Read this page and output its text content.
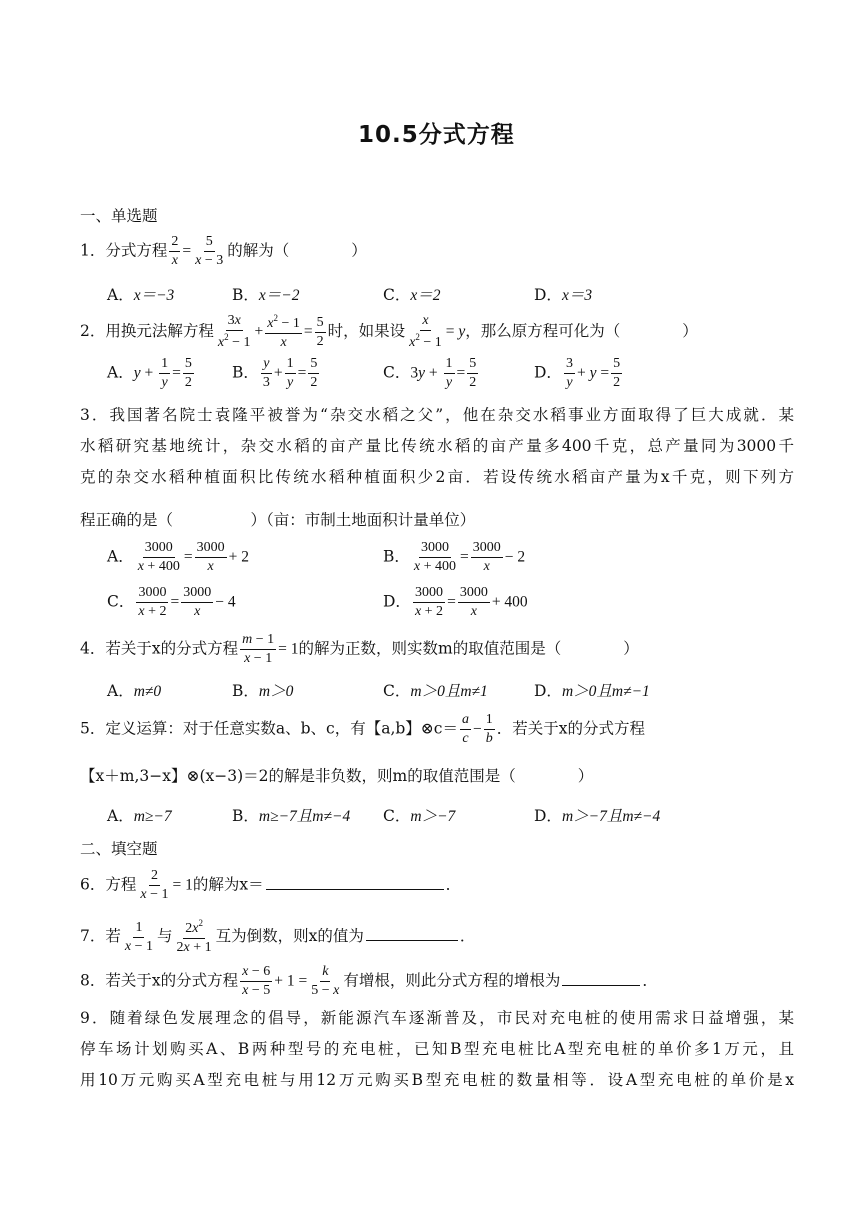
10.5分式方程
一、单选题
1．分式方程 $\frac{2}{x} = \frac{5}{x - 3}$ 的解为（　　　　）
A．x＝−3	B．x＝−2	C．x＝2	D．x＝3
2．用换元法解方程 $\frac{3x}{x^2 - 1} + \frac{x^2 - 1}{x} = \frac{5}{2}$ 时，如果设 $\frac{x}{x^2 - 1} = y$，那么原方程可化为（　　　　）
A．$y + \frac{1}{y} = \frac{5}{2}$ B． $\frac{y}{3} + \frac{1}{y} = \frac{5}{2}$	C．$3y + \frac{1}{y} = \frac{5}{2}$	D． $\frac{3}{y} + y = \frac{5}{2}$
3．我国著名院士袁隆平被誉为“杂交水稻之父”，他在杂交水稻事业方面取得了巨大成就．某
水稻研究基地统计，杂交水稻的亩产量比传统水稻的亩产量多400千克，总产量同为3000千
克的杂交水稻种植面积比传统水稻种植面积少2亩．若设传统水稻亩产量为x千克，则下列方
程正确的是（　　　　　）（亩：市制土地面积计量单位）
A． $\frac{3000}{x + 400} = \frac{3000}{x} + 2$	B． $\frac{3000}{x + 400} = \frac{3000}{x} - 2$
C． $\frac{3000}{x + 2} = \frac{3000}{x} - 4$	D． $\frac{3000}{x + 2} = \frac{3000}{x} + 400$
4．若关于x的分式方程 $\frac{m - 1}{x - 1} = 1$的解为正数，则实数m的取值范围是（　　　　）
A．m≠0	B．m＞0	C．m＞0且m≠1	D．m＞0且m≠−1
5．定义运算：对于任意实数a、b、c，有【a,b】⊗c＝ $\frac{a}{c} - \frac{1}{b}$ ．若关于x的分式方程
【x＋m,3−x】⊗(x−3)＝2的解是非负数，则m的取值范围是（　　　　）
A．m≥−7	B．m≥−7且m≠−4 C．m＞−7	D．m＞−7且m≠−4
二、填空题
6．方程 $\frac{2}{x - 1} = 1$的解为x＝	．
7．若 $\frac{1}{x - 1}$ 与 $\frac{2x^2}{2x + 1}$ 互为倒数，则x的值为	．
8．若关于x的分式方程 $\frac{x - 6}{x - 5} + 1 = \frac{k}{5 - x}$ 有增根，则此分式方程的增根为	．
9．随着绿色发展理念的倡导，新能源汽车逐渐普及，市民对充电桩的使用需求日益增强，某
停车场计划购买A、B两种型号的充电桩，已知B型充电桩比A型充电桩的单价多1万元，且
用10万元购买A型充电桩与用12万元购买B型充电桩的数量相等．设A型充电桩的单价是x
